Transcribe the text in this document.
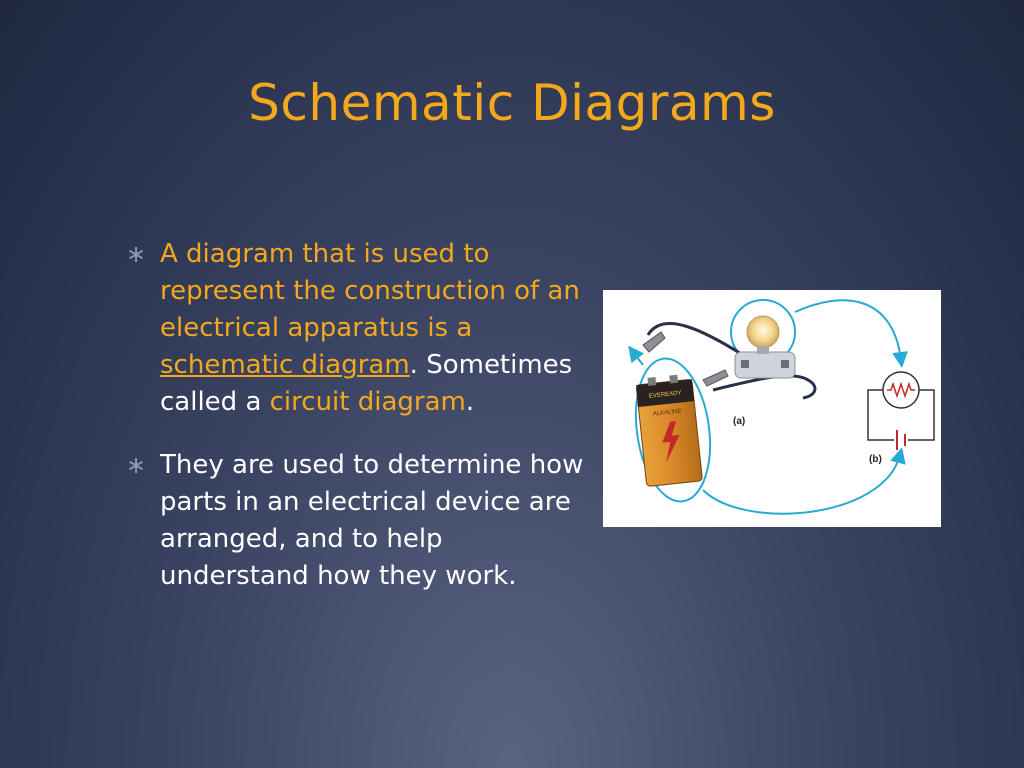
Schematic Diagrams
∗ A diagram that is used to represent the construction of an electrical apparatus is a schematic diagram. Sometimes called a circuit diagram.
∗ They are used to determine how parts in an electrical device are arranged, and to help understand how they work.
EVEREADY
ALKALINE
(a)
(b)
